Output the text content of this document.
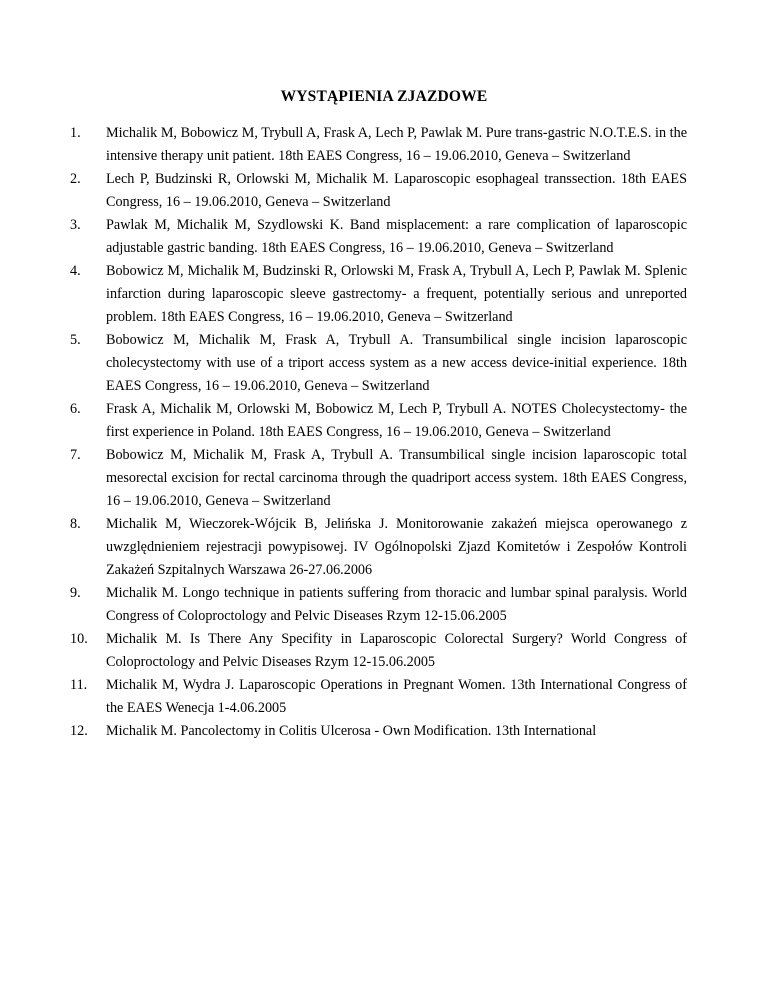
WYSTĄPIENIA ZJAZDOWE
1. Michalik M, Bobowicz M, Trybull A, Frask A, Lech P, Pawlak M. Pure trans-gastric N.O.T.E.S. in the intensive therapy unit patient. 18th EAES Congress, 16 – 19.06.2010, Geneva – Switzerland
2. Lech P, Budzinski R, Orlowski M, Michalik M. Laparoscopic esophageal transsection. 18th EAES Congress, 16 – 19.06.2010, Geneva – Switzerland
3. Pawlak M, Michalik M, Szydlowski K. Band misplacement: a rare complication of laparoscopic adjustable gastric banding. 18th EAES Congress, 16 – 19.06.2010, Geneva – Switzerland
4. Bobowicz M, Michalik M, Budzinski R, Orlowski M, Frask A, Trybull A, Lech P, Pawlak M. Splenic infarction during laparoscopic sleeve gastrectomy- a frequent, potentially serious and unreported problem. 18th EAES Congress, 16 – 19.06.2010, Geneva – Switzerland
5. Bobowicz M, Michalik M, Frask A, Trybull A. Transumbilical single incision laparoscopic cholecystectomy with use of a triport access system as a new access device-initial experience. 18th EAES Congress, 16 – 19.06.2010, Geneva – Switzerland
6. Frask A, Michalik M, Orlowski M, Bobowicz M, Lech P, Trybull A. NOTES Cholecystectomy- the first experience in Poland. 18th EAES Congress, 16 – 19.06.2010, Geneva – Switzerland
7. Bobowicz M, Michalik M, Frask A, Trybull A. Transumbilical single incision laparoscopic total mesorectal excision for rectal carcinoma through the quadriport access system. 18th EAES Congress, 16 – 19.06.2010, Geneva – Switzerland
8. Michalik M, Wieczorek-Wójcik B, Jelińska J. Monitorowanie zakażeń miejsca operowanego z uwzględnieniem rejestracji powypisowej. IV Ogólnopolski Zjazd Komitetów i Zespołów Kontroli Zakażeń Szpitalnych Warszawa 26-27.06.2006
9. Michalik M. Longo technique in patients suffering from thoracic and lumbar spinal paralysis. World Congress of Coloproctology and Pelvic Diseases Rzym 12-15.06.2005
10. Michalik M. Is There Any Specifity in Laparoscopic Colorectal Surgery? World Congress of Coloproctology and Pelvic Diseases Rzym 12-15.06.2005
11. Michalik M, Wydra J. Laparoscopic Operations in Pregnant Women. 13th International Congress of the EAES Wenecja 1-4.06.2005
12. Michalik M. Pancolectomy in Colitis Ulcerosa - Own Modification. 13th International
